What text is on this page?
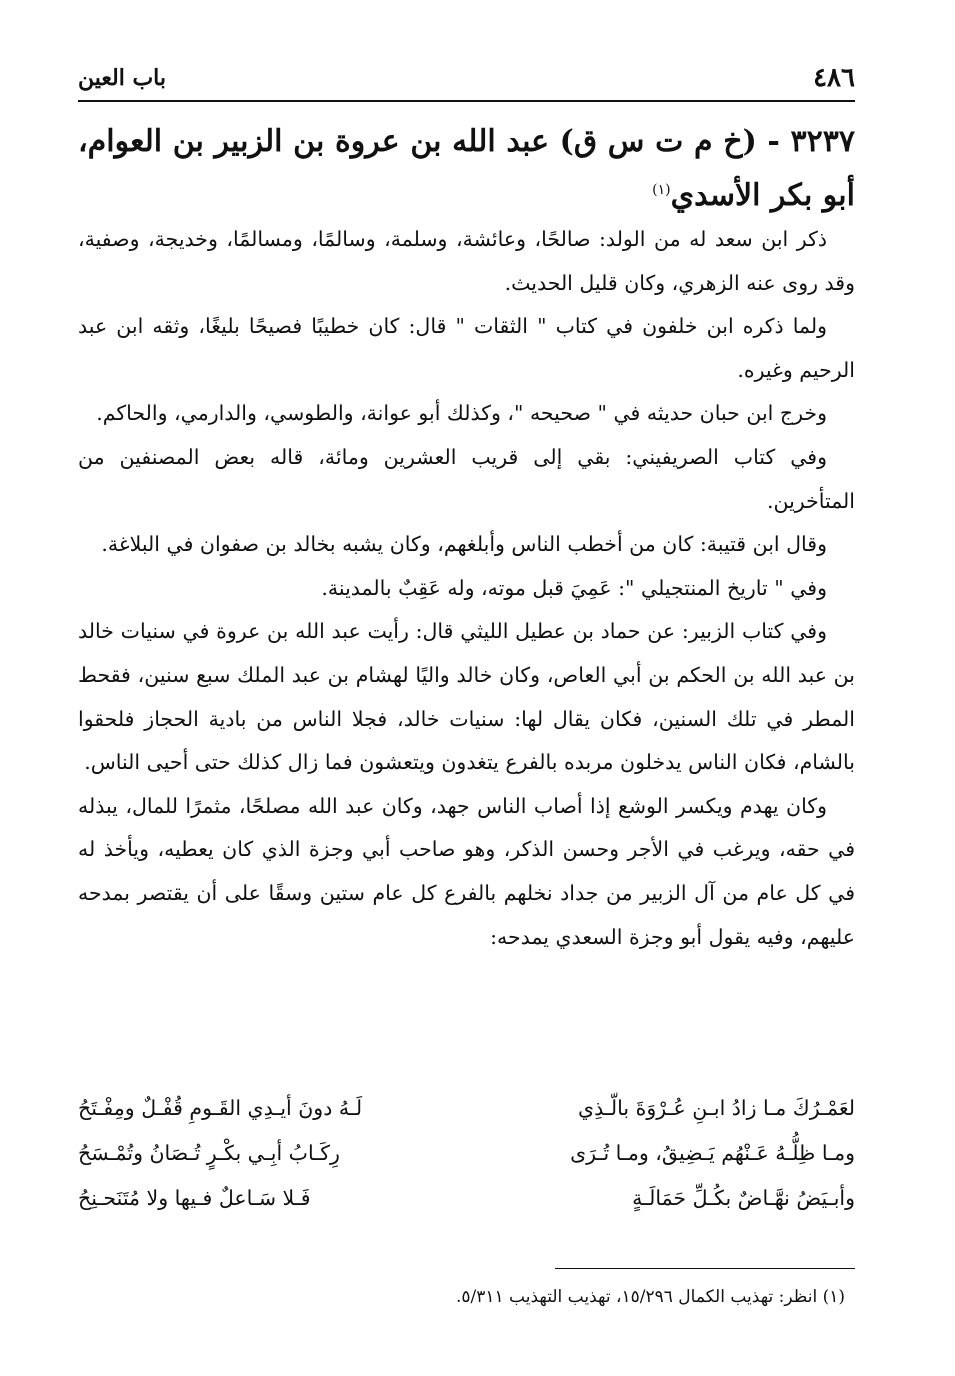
٤٨٦
باب العين
٣٢٣٧ - (خ م ت س ق) عبد الله بن عروة بن الزبير بن العوام، أبو بكر الأسدي$^{(١)}$

ذكر ابن سعد له من الولد: صالحًا، وعائشة، وسلمة، وسالمًا، ومسالمًا، وخديجة، وصفية، وقد روى عنه الزهري، وكان قليل الحديث.

ولما ذكره ابن خلفون في كتاب " الثقات " قال: كان خطيبًا فصيحًا بليغًا، وثقه ابن عبد الرحيم وغيره.

وخرج ابن حبان حديثه في " صحيحه "، وكذلك أبو عوانة، والطوسي، والدارمي، والحاكم.

وفي كتاب الصريفيني: بقي إلى قريب العشرين ومائة، قاله بعض المصنفين من المتأخرين.

وقال ابن قتيبة: كان من أخطب الناس وأبلغهم، وكان يشبه بخالد بن صفوان في البلاغة.

وفي " تاريخ المنتجيلي ": عَمِيَ قبل موته، وله عَقِبٌ بالمدينة.

وفي كتاب الزبير: عن حماد بن عطيل الليثي قال: رأيت عبد الله بن عروة في سنيات خالد بن عبد الله بن الحكم بن أبي العاص، وكان خالد واليًا لهشام بن عبد الملك سبع سنين، فقحط المطر في تلك السنين، فكان يقال لها: سنيات خالد، فجلا الناس من بادية الحجاز فلحقوا بالشام، فكان الناس يدخلون مربده بالفرع يتغدون ويتعشون فما زال كذلك حتى أحيى الناس.

وكان يهدم ويكسر الوشع إذا أصاب الناس جهد، وكان عبد الله مصلحًا، مثمرًا للمال، يبذله في حقه، ويرغب في الأجر وحسن الذكر، وهو صاحب أبي وجزة الذي كان يعطيه، ويأخذ له في كل عام من آل الزبير من جداد نخلهم بالفرع كل عام ستين وسقًا على أن يقتصر بمدحه عليهم، وفيه يقول أبو وجزة السعدي يمدحه:

لعَمْـرُكَ مـا زادُ ابـنِ عُـرْوَةَ بالّـذِي
لَـهُ دونَ أيـدِي القَـومِ قُفْـلٌ ومِفْـتَحُ
ومـا ظِلُّـهُ عَـنْهُم يَـضِيقُ، ومـا تُـرَى
رِكَـابُ أبِـي بكْـرٍ تُـصَانُ وتُمْـسَحُ
وأبـيَضُ نهَّـاضٌ بكُـلِّ حَمَالَـةٍ
فَـلا سَـاعلٌ فـيها ولا مُتَنَحـنِحُ
(١) انظر: تهذيب الكمال ١٥/٢٩٦، تهذيب التهذيب ٥/٣١١.
